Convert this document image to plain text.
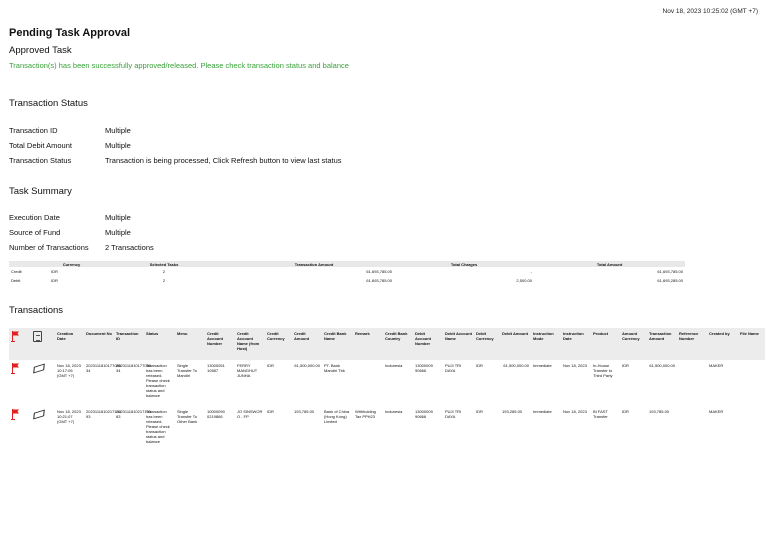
Nov 18, 2023 10:25:02 (GMT +7)
Pending Task Approval
Approved Task
Transaction(s) has been successfully approved/released. Please check transaction status and balance
Transaction Status
Transaction ID	Multiple
Total Debit Amount	Multiple
Transaction Status	Transaction is being processed, Click Refresh button to view last status
Task Summary
Execution Date	Multiple
Source of Fund	Multiple
Number of Transactions	2 Transactions
	Currency	Selected Tasks	Transaction Amount	Total Charges	Total Amount
Credit	IDR	2	61,693,785.00	-	61,693,785.00
Debit	IDR	2	61,693,785.00	2,500.00	61,693,285.00
Transactions
		Creation Date	Document No	Transaction ID	Status	Menu	Credit Account Number	Credit Account Name (from Host)	Credit Currency	Credit Amount	Credit Bank Name	Remark	Credit Bank Country	Debit Account Number	Debit Account Name	Debit Currency	Debit Amount	Instruction Mode	Instruction Date	Product	Amount Currency	Transaction Amount	Reference Number	Created by	File Name
		Nov 18, 2023 10:17:05 (GMT +7)	2023111810177086 34	2023111810177086 34	Transaction has been released. Please check transaction status and balance	Single Transfer To Mandiri	13000051 10587	FERRY MANGHUT JUNHA	IDR	61,500,000.00	PT. Bank Mandiri Tbk		Indonesia	13000009 90666	PUJI TRI DAYA	IDR	61,500,000.00	Immediate	Nov 18, 2023	In-House Transfer to Third Party	IDR	61,500,000.00		MAKER	
		Nov 18, 2023 10:21:07 (GMT +7)	2023111810217104 93	2023111810217105 83	Transaction has been released. Please check transaction status and balance	Single Transfer To Other Bank	10000090 0219866	JO SINSWOR O - FP	IDR	193,785.00	Bank of China (Hong Kong) Limited	Withholding Tax PPH23	Indonesia	13000009 90666	PUJI TRI DAYA	IDR	193,285.00	Immediate	Nov 18, 2023	BI FAST Transfer	IDR	193,785.00		MAKER	
